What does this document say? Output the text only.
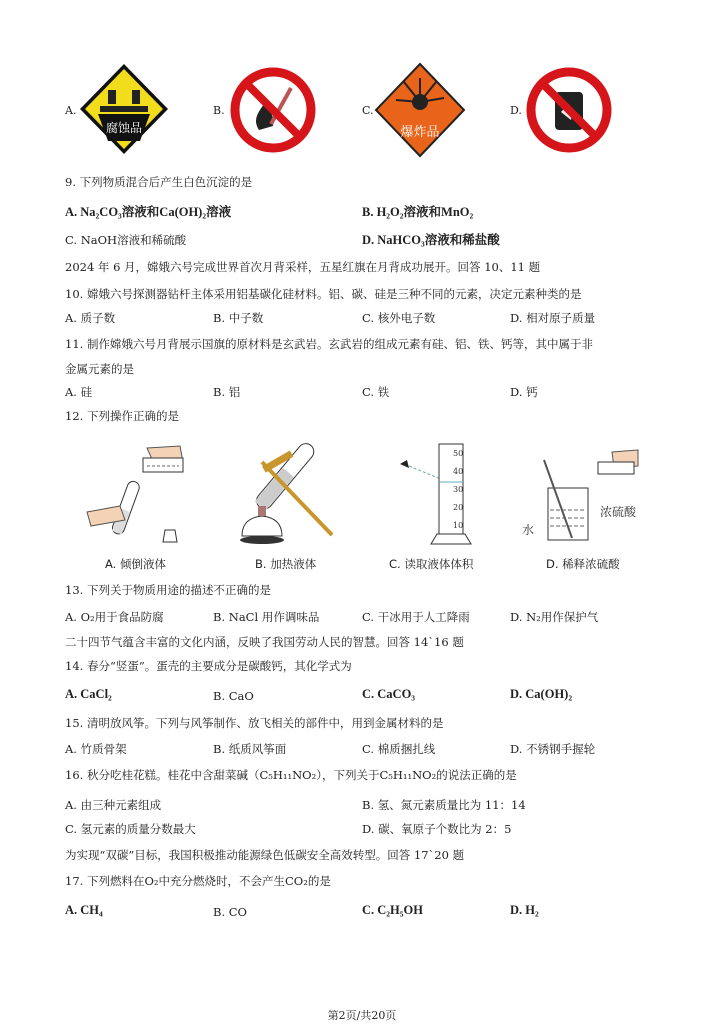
A.
腐蚀品
B.	C.
爆炸品
D.
9. 下列物质混合后产生白色沉淀的是
A. Na₂CO₃溶液和Ca(OH)₂溶液	B. H₂O₂溶液和MnO₂
C. NaOH溶液和稀硫酸	D. NaHCO₃溶液和稀盐酸
2024 年 6 月，嫦娥六号完成世界首次月背采样，五星红旗在月背成功展开。回答 10、11 题
10. 嫦娥六号探测器钻杆主体采用铝基碳化硅材料。铝、碳、硅是三种不同的元素，决定元素种类的是
A. 质子数	B. 中子数	C. 核外电子数	D. 相对原子质量
11. 制作嫦娥六号月背展示国旗的原材料是玄武岩。玄武岩的组成元素有硅、铝、铁、钙等，其中属于非
金属元素的是
A. 硅	B. 铝	C. 铁	D. 钙
12. 下列操作正确的是
50
40
30
20
10	水
浓硫酸
A. 倾倒液体	B. 加热液体	C. 读取液体体积	D. 稀释浓硫酸
13. 下列关于物质用途的描述不正确的是
A. O₂用于食品防腐	B. NaCl 用作调味品	C. 干冰用于人工降雨	D. N₂用作保护气
二十四节气蕴含丰富的文化内涵，反映了我国劳动人民的智慧。回答 14`16 题
14. 春分“竖蛋”。蛋壳的主要成分是碳酸钙，其化学式为
A. CaCl₂	B. CaO	C. CaCO₃	D. Ca(OH)₂
15. 清明放风筝。下列与风筝制作、放飞相关的部件中，用到金属材料的是
A. 竹质骨架	B. 纸质风筝面	C. 棉质捆扎线	D. 不锈钢手握轮
16. 秋分吃桂花糕。桂花中含甜菜碱（C₅H₁₁NO₂），下列关于C₅H₁₁NO₂的说法正确的是
A. 由三种元素组成	B. 氢、氮元素质量比为 11：14
C. 氢元素的质量分数最大	D. 碳、氧原子个数比为 2：5
为实现“双碳”目标，我国积极推动能源绿色低碳安全高效转型。回答 17`20 题
17. 下列燃料在O₂中充分燃烧时，不会产生CO₂的是
A. CH₄	B. CO	C. C₂H₅OH	D. H₂
第2页/共20页
